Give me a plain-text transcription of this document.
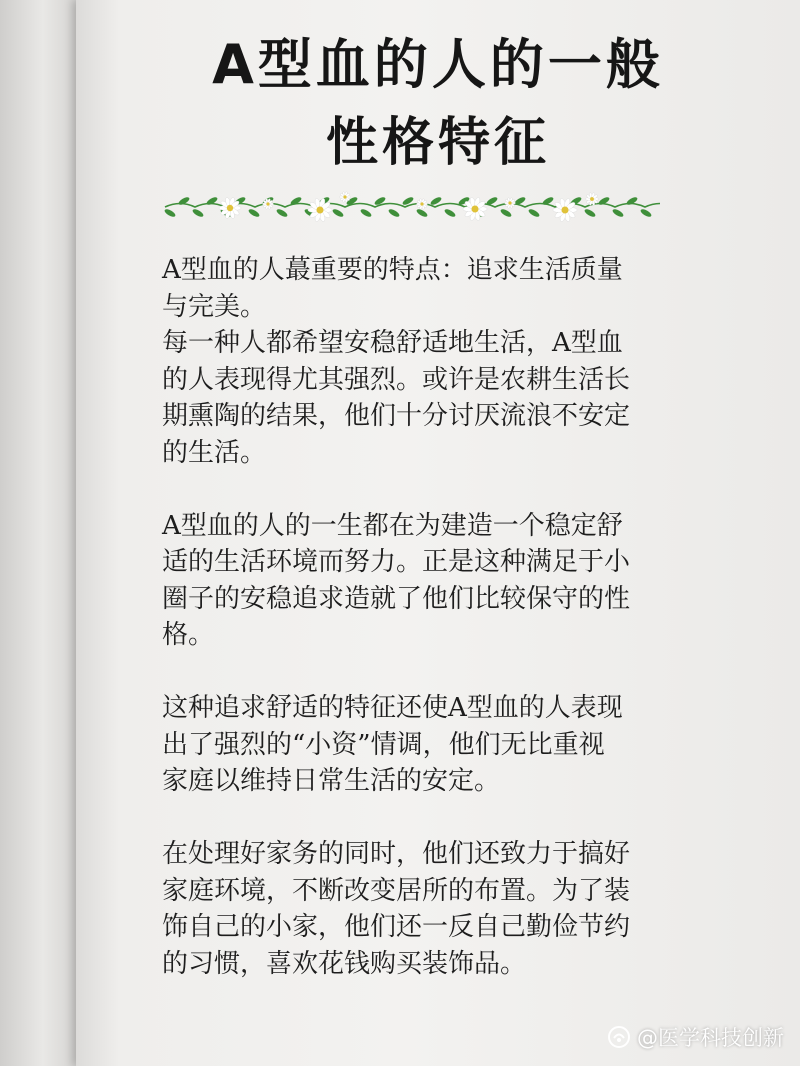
A型血的人的一般
性格特征
A型血的人蕞重要的特点：追求生活质量
与完美。
每一种人都希望安稳舒适地生活，A型血
的人表现得尤其强烈。或许是农耕生活长
期熏陶的结果，他们十分讨厌流浪不安定
的生活。
A型血的人的一生都在为建造一个稳定舒
适的生活环境而努力。正是这种满足于小
圈子的安稳追求造就了他们比较保守的性
格。
这种追求舒适的特征还使A型血的人表现
出了强烈的“小资”情调，他们无比重视
家庭以维持日常生活的安定。
在处理好家务的同时，他们还致力于搞好
家庭环境，不断改变居所的布置。为了装
饰自己的小家，他们还一反自己勤俭节约
的习惯，喜欢花钱购买装饰品。
@医学科技创新
